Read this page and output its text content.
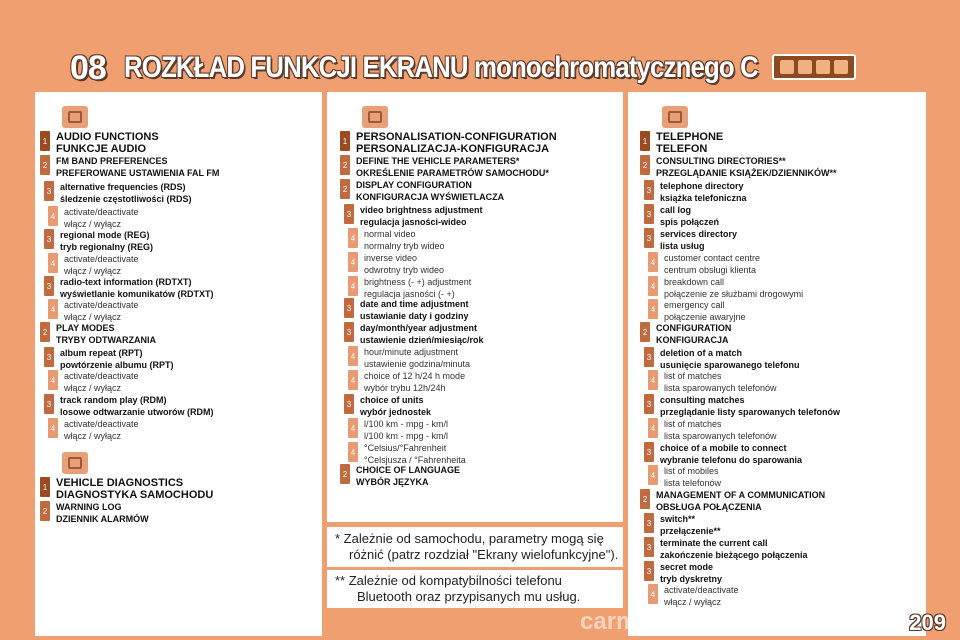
08 ROZKŁAD FUNKCJI EKRANU monochromatycznego C
1 AUDIO FUNCTIONS
FUNKCJE AUDIO
2 FM BAND PREFERENCES
PREFEROWANE USTAWIENIA FAL FM
3 alternative frequencies (RDS)
śledzenie częstotliwości (RDS)
4 activate/deactivate
włącz / wyłącz
3 regional mode (REG)
tryb regionalny (REG)
4 activate/deactivate
włącz / wyłącz
3 radio-text information (RDTXT)
wyświetlanie komunikatów (RDTXT)
4 activate/deactivate
włącz / wyłącz
2 PLAY MODES
TRYBY ODTWARZANIA
3 album repeat (RPT)
powtórzenie albumu (RPT)
4 activate/deactivate
włącz / wyłącz
3 track random play (RDM)
losowe odtwarzanie utworów (RDM)
4 activate/deactivate
włącz / wyłącz
1 VEHICLE DIAGNOSTICS
DIAGNOSTYKA SAMOCHODU
2 WARNING LOG
DZIENNIK ALARMÓW
1 PERSONALISATION-CONFIGURATION
PERSONALIZACJA-KONFIGURACJA
2 DEFINE THE VEHICLE PARAMETERS*
OKREŚLENIE PARAMETRÓW SAMOCHODU*
2 DISPLAY CONFIGURATION
KONFIGURACJA WYŚWIETLACZA
3 video brightness adjustment
regulacja jasności-wideo
4 normal video
normalny tryb wideo
4 inverse video
odwrotny tryb wideo
4 brightness (- +) adjustment
regulacja jasności (- +)
3 date and time adjustment
ustawianie daty i godziny
3 day/month/year adjustment
ustawienie dzień/miesiąc/rok
4 hour/minute adjustment
ustawienie godzina/minuta
4 choice of 12 h/24 h mode
wybór trybu 12h/24h
3 choice of units
wybór jednostek
4 l/100 km - mpg - km/l
l/100 km - mpg - km/l
4 °Celsius/°Fahrenheit
°Celsjusza / °Fahrenheita
2 CHOICE OF LANGUAGE
WYBÓR JĘZYKA
1 TELEPHONE
TELEFON
2 CONSULTING DIRECTORIES**
PRZEGLĄDANIE KSIĄŻEK/DZIENNIKÓW**
3 telephone directory
książka telefoniczna
3 call log
spis połączeń
3 services directory
lista usług
4 customer contact centre
centrum obsługi klienta
4 breakdown call
połączenie ze służbami drogowymi
4 emergency call
połączenie awaryjne
2 CONFIGURATION
KONFIGURACJA
3 deletion of a match
usunięcie sparowanego telefonu
4 list of matches
lista sparowanych telefonów
3 consulting matches
przeglądanie listy sparowanych telefonów
4 list of matches
lista sparowanych telefonów
3 choice of a mobile to connect
wybranie telefonu do sparowania
4 list of mobiles
lista telefonów
2 MANAGEMENT OF A COMMUNICATION
OBSŁUGA POŁĄCZENIA
3 switch**
przełączenie**
3 terminate the current call
zakończenie bieżącego połączenia
3 secret mode
tryb dyskretny
4 activate/deactivate
włącz / wyłącz
* Zależnie od samochodu, parametry mogą się
różnić (patrz rozdział "Ekrany wielofunkcyjne").
** Zależnie od kompatybilności telefonu
Bluetooth oraz przypisanych mu usług.
carmanualsonline.info	209
